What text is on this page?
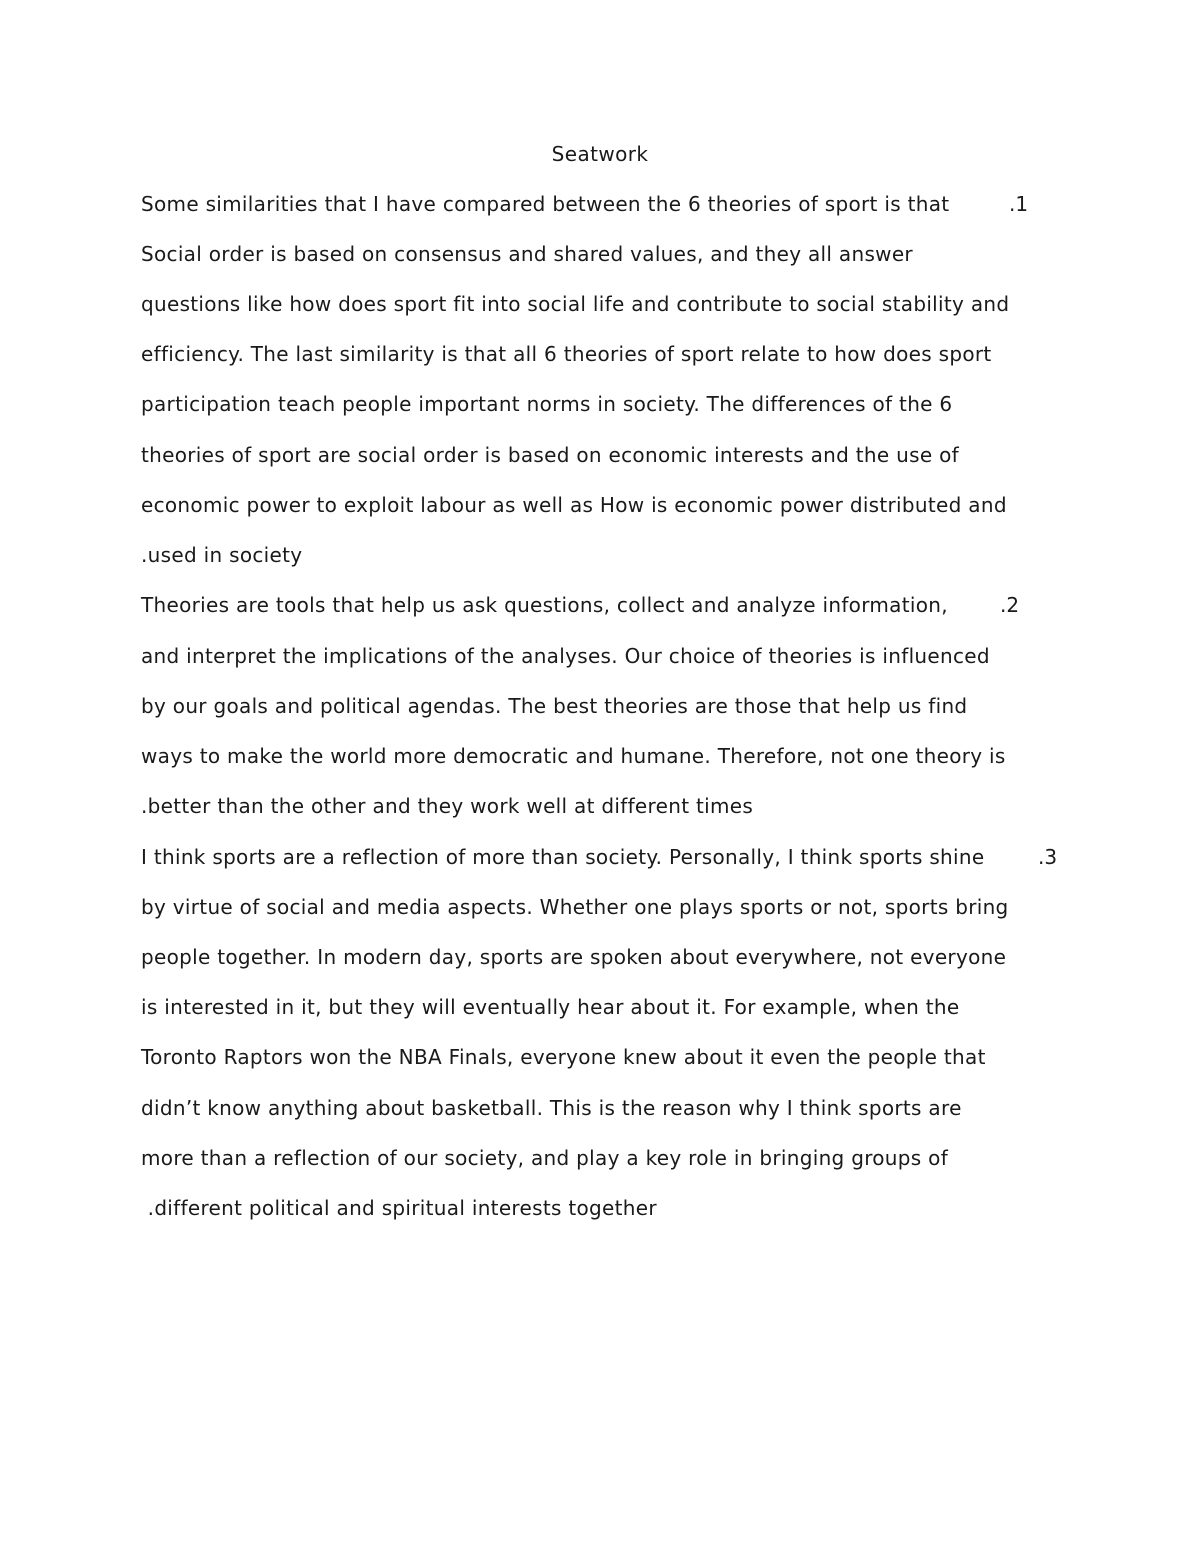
Seatwork
Some similarities that I have compared between the 6 theories of sport is that	.1
Social order is based on consensus and shared values, and they all answer
questions like how does sport fit into social life and contribute to social stability and
efficiency. The last similarity is that all 6 theories of sport relate to how does sport
participation teach people important norms in society. The differences of the 6
theories of sport are social order is based on economic interests and the use of
economic power to exploit labour as well as How is economic power distributed and
.used in society
Theories are tools that help us ask questions, collect and analyze information,	.2
and interpret the implications of the analyses. Our choice of theories is influenced
by our goals and political agendas. The best theories are those that help us find
ways to make the world more democratic and humane. Therefore, not one theory is
.better than the other and they work well at different times
I think sports are a reflection of more than society. Personally, I think sports shine	.3
by virtue of social and media aspects. Whether one plays sports or not, sports bring
people together. In modern day, sports are spoken about everywhere, not everyone
is interested in it, but they will eventually hear about it. For example, when the
Toronto Raptors won the NBA Finals, everyone knew about it even the people that
didn’t know anything about basketball. This is the reason why I think sports are
more than a reflection of our society, and play a key role in bringing groups of
.different political and spiritual interests together
